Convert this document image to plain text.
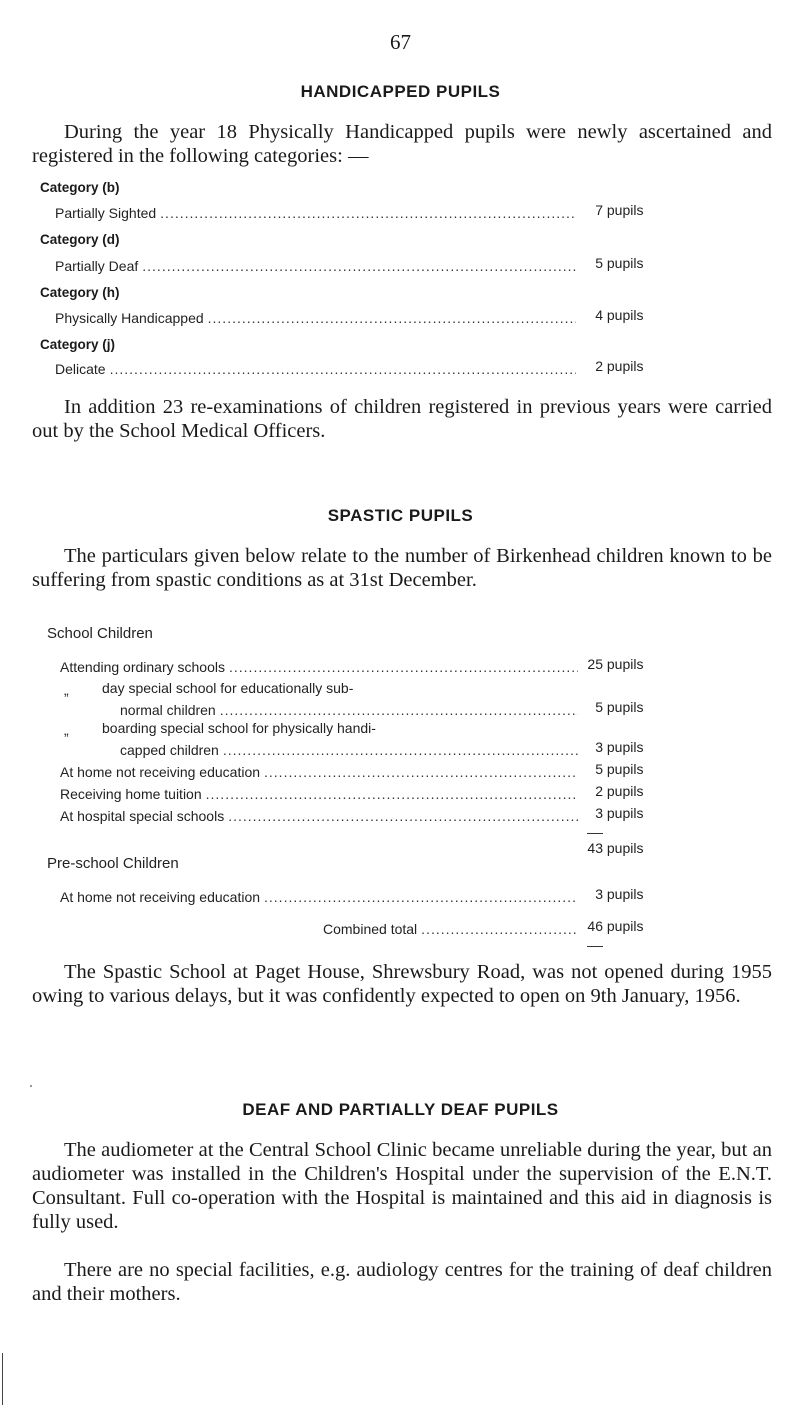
67
HANDICAPPED PUPILS
During the year 18 Physically Handicapped pupils were newly ascertained and registered in the following categories: —
Category (b)
Partially Sighted .....	7 pupils
Category (d)
Partially Deaf .....	5 pupils
Category (h)
Physically Handicapped .....	4 pupils
Category (j)
Delicate .....	2 pupils
In addition 23 re-examinations of children registered in previous years were carried out by the School Medical Officers.
SPASTIC PUPILS
The particulars given below relate to the number of Birkenhead children known to be suffering from spastic conditions as at 31st December.
School Children
Attending ordinary schools .....	25 pupils
„ day special school for educationally sub-
normal children .....	5 pupils
„ boarding special school for physically handi-
capped children .....	3 pupils
At home not receiving education .....	5 pupils
Receiving home tuition .....	2 pupils
At hospital special schools .....	3 pupils
43 pupils
Pre-school Children
At home not receiving education .....	3 pupils
Combined total .....	46 pupils
The Spastic School at Paget House, Shrewsbury Road, was not opened during 1955 owing to various delays, but it was confidently expected to open on 9th January, 1956.
DEAF AND PARTIALLY DEAF PUPILS
The audiometer at the Central School Clinic became unreliable during the year, but an audiometer was installed in the Children's Hospital under the supervision of the E.N.T. Consultant. Full co-operation with the Hospital is maintained and this aid in diagnosis is fully used.
There are no special facilities, e.g. audiology centres for the training of deaf children and their mothers.
